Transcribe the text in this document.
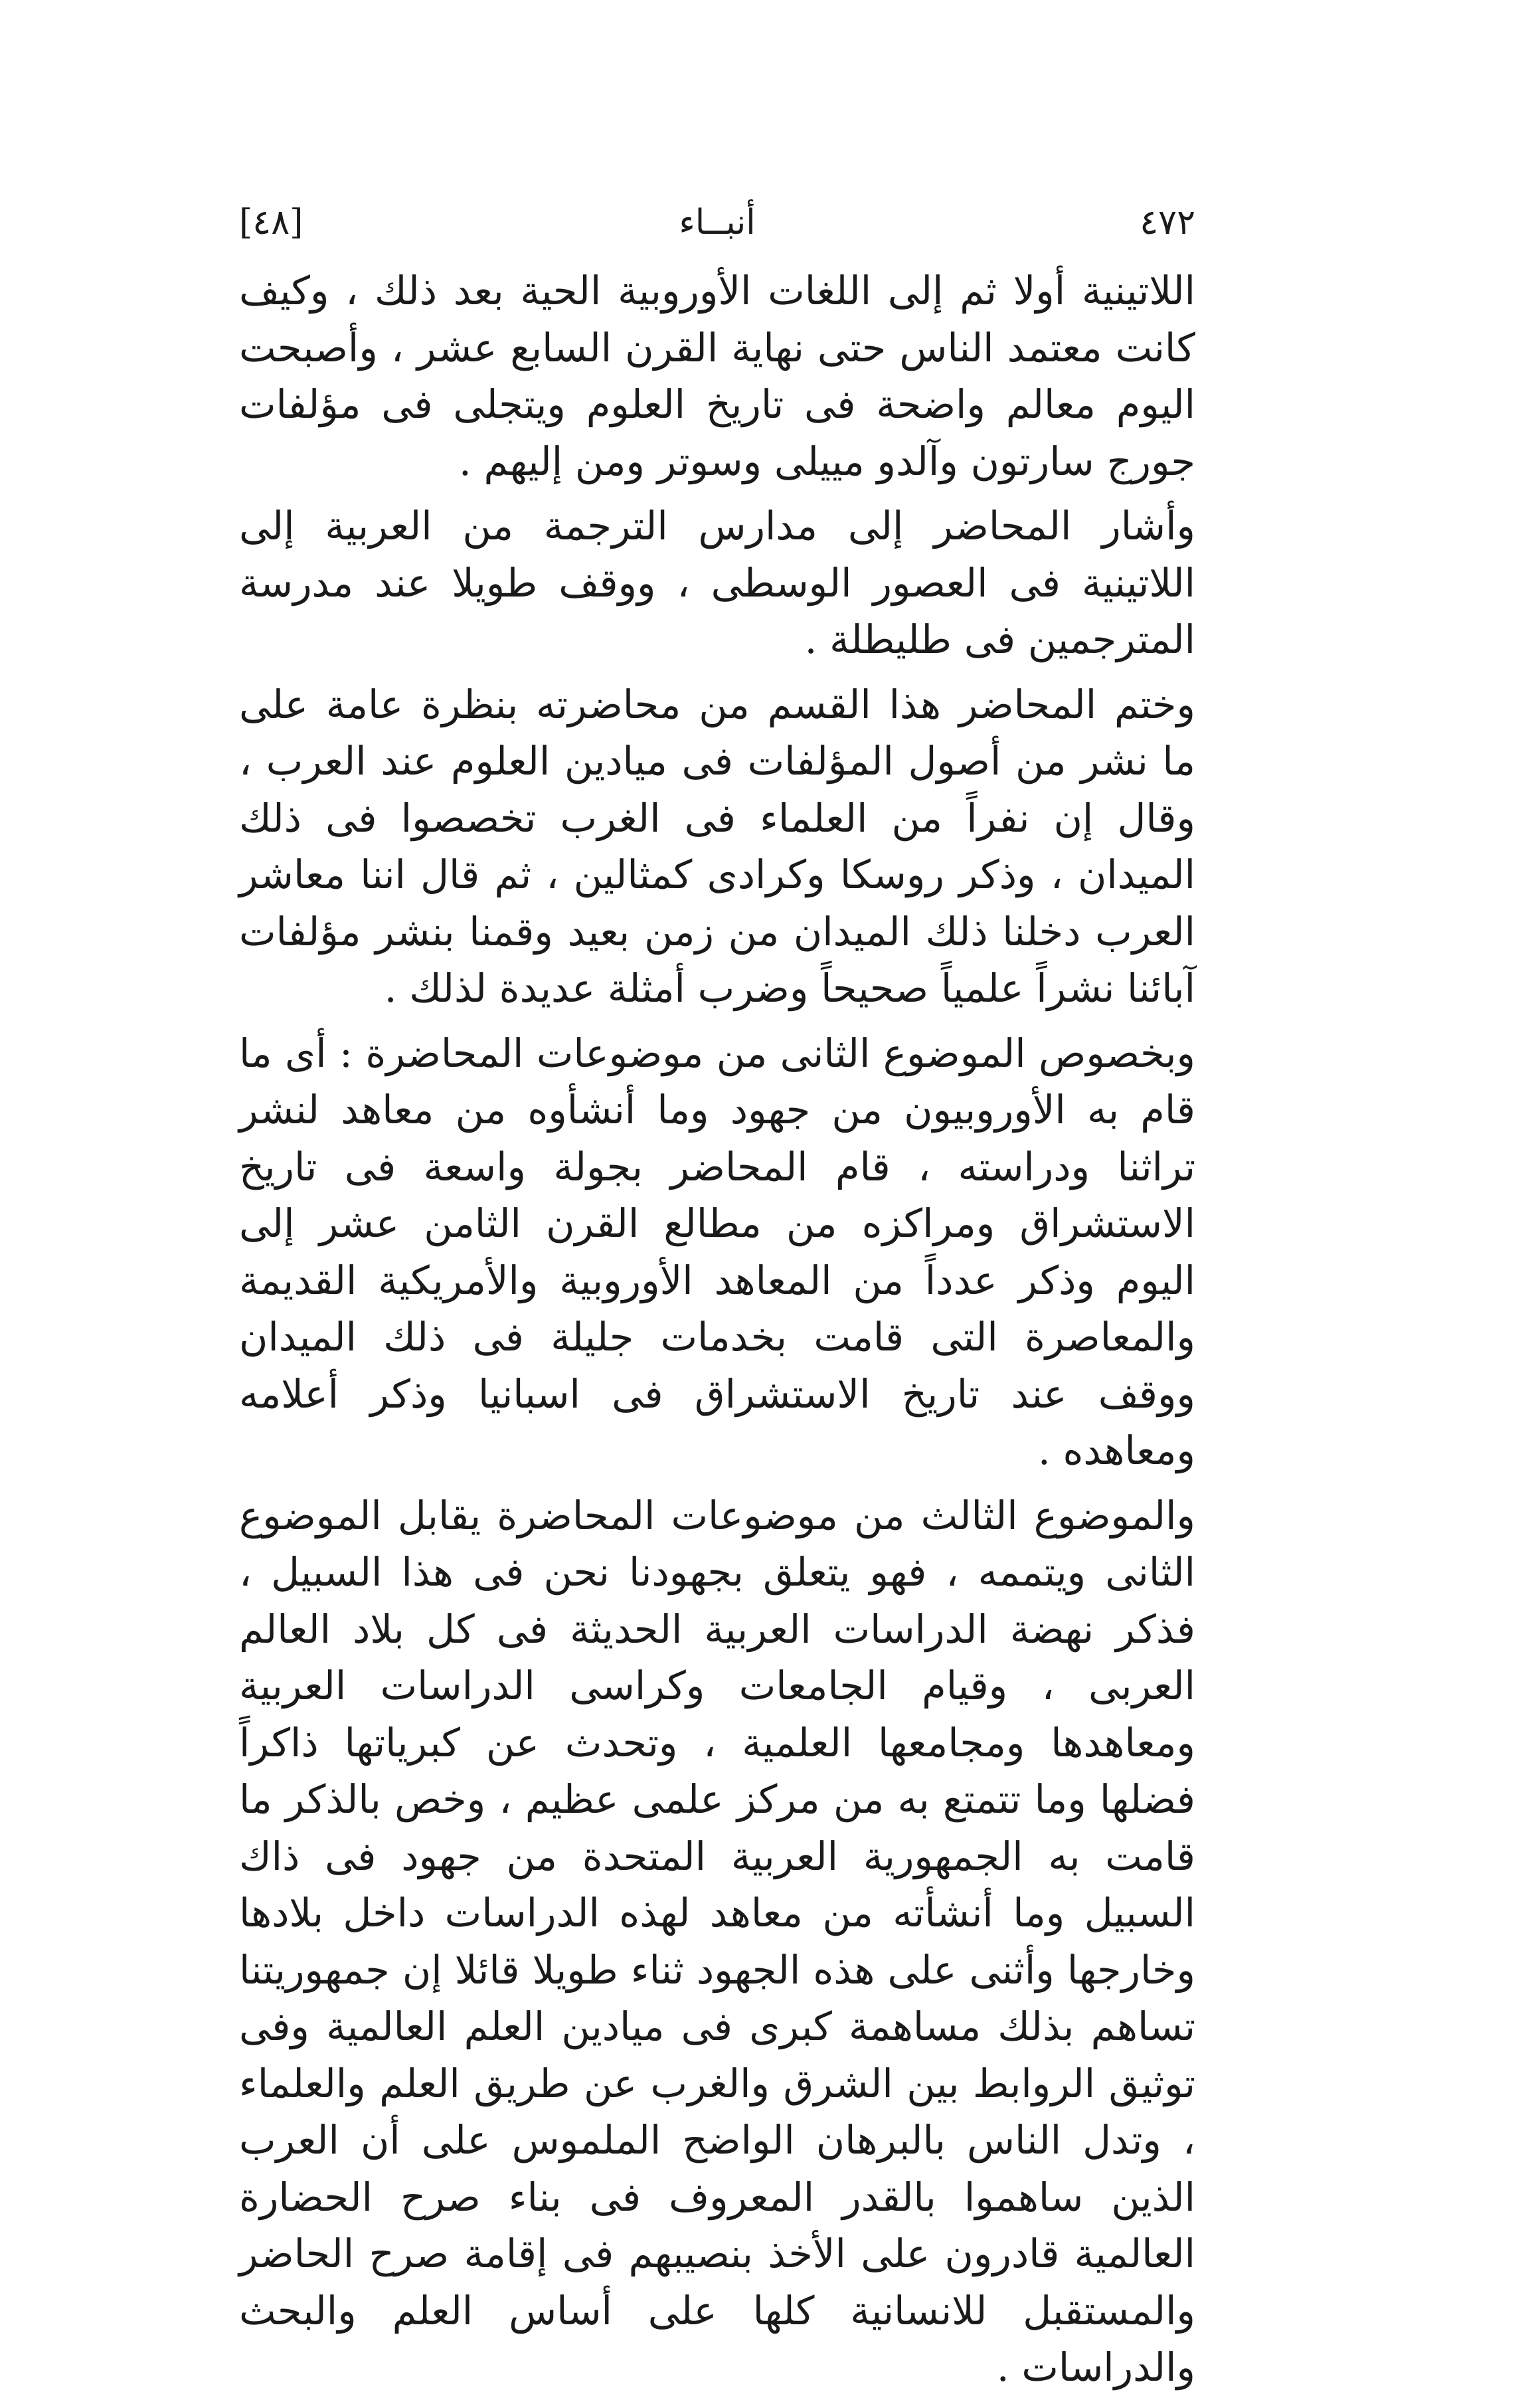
[٤٨]	أنبــاء	٤٧٢

اللاتينية أولا ثم إلى اللغات الأوروبية الحية بعد ذلك ، وكيف كانت معتمد الناس حتى نهاية القرن السابع عشر ، وأصبحت اليوم معالم واضحة فى تاريخ العلوم ويتجلى فى مؤلفات جورج سارتون وآلدو مييلى وسوتر ومن إليهم .

وأشار المحاضر إلى مدارس الترجمة من العربية إلى اللاتينية فى العصور الوسطى ، ووقف طويلا عند مدرسة المترجمين فى طليطلة .

وختم المحاضر هذا القسم من محاضرته بنظرة عامة على ما نشر من أصول المؤلفات فى ميادين العلوم عند العرب ، وقال إن نفراً من العلماء فى الغرب تخصصوا فى ذلك الميدان ، وذكر روسكا وكرادى كمثالين ، ثم قال اننا معاشر العرب دخلنا ذلك الميدان من زمن بعيد وقمنا بنشر مؤلفات آبائنا نشراً علمياً صحيحاً وضرب أمثلة عديدة لذلك .

وبخصوص الموضوع الثانى من موضوعات المحاضرة : أى ما قام به الأوروبيون من جهود وما أنشأوه من معاهد لنشر تراثنا ودراسته ، قام المحاضر بجولة واسعة فى تاريخ الاستشراق ومراكزه من مطالع القرن الثامن عشر إلى اليوم وذكر عدداً من المعاهد الأوروبية والأمريكية القديمة والمعاصرة التى قامت بخدمات جليلة فى ذلك الميدان ووقف عند تاريخ الاستشراق فى اسبانيا وذكر أعلامه ومعاهده .

والموضوع الثالث من موضوعات المحاضرة يقابل الموضوع الثانى ويتممه ، فهو يتعلق بجهودنا نحن فى هذا السبيل ، فذكر نهضة الدراسات العربية الحديثة فى كل بلاد العالم العربى ، وقيام الجامعات وكراسى الدراسات العربية ومعاهدها ومجامعها العلمية ، وتحدث عن كبرياتها ذاكراً فضلها وما تتمتع به من مركز علمى عظيم ، وخص بالذكر ما قامت به الجمهورية العربية المتحدة من جهود فى ذاك السبيل وما أنشأته من معاهد لهذه الدراسات داخل بلادها وخارجها وأثنى على هذه الجهود ثناء طويلا قائلا إن جمهوريتنا تساهم بذلك مساهمة كبرى فى ميادين العلم العالمية وفى توثيق الروابط بين الشرق والغرب عن طريق العلم والعلماء ، وتدل الناس بالبرهان الواضح الملموس على أن العرب الذين ساهموا بالقدر المعروف فى بناء صرح الحضارة العالمية قادرون على الأخذ بنصيبهم فى إقامة صرح الحاضر والمستقبل للانسانية كلها على أساس العلم والبحث والدراسات .
